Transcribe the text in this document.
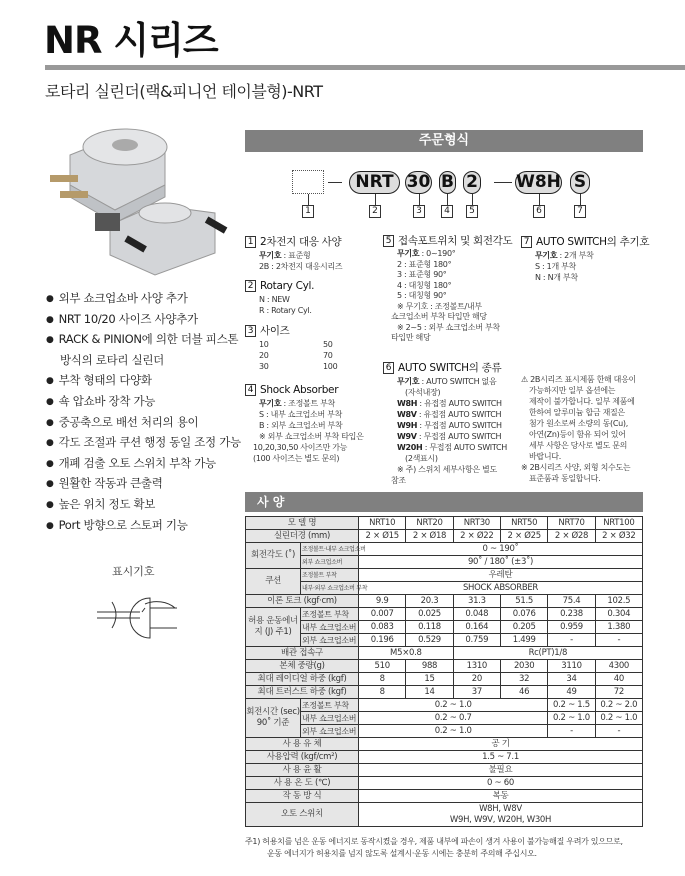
NR 시리즈
로타리 실린더(랙&피니언 테이블형)-NRT
● 외부 쇼크업쇼바 사양 추가
● NRT 10/20 사이즈 사양추가
● RACK & PINION에 의한 더블 피스톤
방식의 로타리 실린더
● 부착 형태의 다양화
● 쇽 압쇼바 장착 가능
● 중공축으로 배선 처리의 용이
● 각도 조절과 쿠션 행정 동일 조정 가능
● 개폐 검출 오토 스위치 부착 가능
● 원활한 작동과 큰출력
● 높은 위치 정도 확보
● Port 방향으로 스토퍼 기능
표시기호
주문형식
NRT 30 B 2 W8H S
1	2	3	4	5	6	7
1 2차전지 대응 사양
무기호 : 표준형
2B : 2차전지 대응시리즈
2 Rotary Cyl.
N : NEW
R : Rotary Cyl.
3 사이즈
10	50
20	70
30	100
4 Shock Absorber
무기호 : 조정볼트 부착
S : 내부 쇼크업소버 부착
B : 외부 쇼크업소버 부착
※ 외부 쇼크업소버 부착 타입은
10,20,30,50 사이즈만 가능
(100 사이즈는 별도 문의)
5 접속포트위치 및 회전각도
무기호 : 0~190°
2 : 표준형 180°
3 : 표준형 90°
4 : 대칭형 180°
5 : 대칭형 90°
※ 무기호 : 조정볼트/내부
쇼크업소버 부착 타입만 해당
※ 2~5 : 외부 쇼크업소버 부착
타입만 해당
6 AUTO SWITCH의 종류
무기호 : AUTO SWITCH 없음
(자석내장)
W8H : 유접점 AUTO SWITCH
W8V : 유접점 AUTO SWITCH
W9H : 무접점 AUTO SWITCH
W9V : 무접점 AUTO SWITCH
W20H : 무접점 AUTO SWITCH
(2색표시)
※ 주) 스위치 세부사항은 별도
참조
7 AUTO SWITCH의 추기호
무기호 : 2개 부착
S : 1개 부착
N : N개 부착
⚠ 2B시리즈 표시제품 한해 대응이
가능하지만 일부 옵션에는
제작이 불가합니다. 일부 제품에
한하여 알루미늄 합금 재질은
첨가 원소로써 소량의 동(Cu),
아연(Zn)등이 함유 되어 있어
세부 사항은 당사로 별도 문의
바랍니다.
※ 2B시리즈 사양, 외형 치수도는
표준품과 동일합니다.
사 양
모 델 명		NRT10	NRT20	NRT30	NRT50	NRT70	NRT100
실린더경 (mm)		2 × Ø15	2 × Ø18	2 × Ø22	2 × Ø25	2 × Ø28	2 × Ø32
회전각도 (˚)	조정볼트·내부 쇼크업소버	0 ~ 190˚					
	외부 쇼크업소버	90˚ / 180˚ (±3˚)					
쿠션	조정볼트 부착	우레탄					
	내부·외부 쇼크업소버 부착	SHOCK ABSORBER					
이론 토크 (kgf·cm)		9.9	20.3	31.3	51.5	75.4	102.5
허용 운동에너지 (J) 주1)	조정볼트 부착	0.007	0.025	0.048	0.076	0.238	0.304
	내부 쇼크업소버	0.083	0.118	0.164	0.205	0.959	1.380
	외부 쇼크업소버	0.196	0.529	0.759	1.499	-	-
배관 접속구		M5×0.8		Rc(PT)1/8			
본체 중량(g)		510	988	1310	2030	3110	4300
최대 레이디얼 하중 (kgf)		8	15	20	32	34	40
최대 트러스트 하중 (kgf)		8	14	37	46	49	72
회전시간 (sec) 90˚ 기준	조정볼트 부착	0.2 ~ 1.0				0.2 ~ 1.5	0.2 ~ 2.0
	내부 쇼크업소버	0.2 ~ 0.7				0.2 ~ 1.0	0.2 ~ 1.0
	외부 쇼크업소버	0.2 ~ 1.0				-	-
사 용 유 체		공 기					
사용압력 (kgf/cm²)		1.5 ~ 7.1					
사 용 윤 활		불필요					
사 용 온 도 (℃)		0 ~ 60					
작 동 방 식		복동					
오토 스위치		W8H, W8V
W9H, W9V, W20H, W30H					
주1) 허용치를 넘은 운동 에너지로 동작시켰을 경우, 제품 내부에 파손이 생겨 사용이 불가능해질 우려가 있으므로,
운동 에너지가 허용치를 넘지 않도록 설계시·운동 시에는 충분히 주의해 주십시오.
